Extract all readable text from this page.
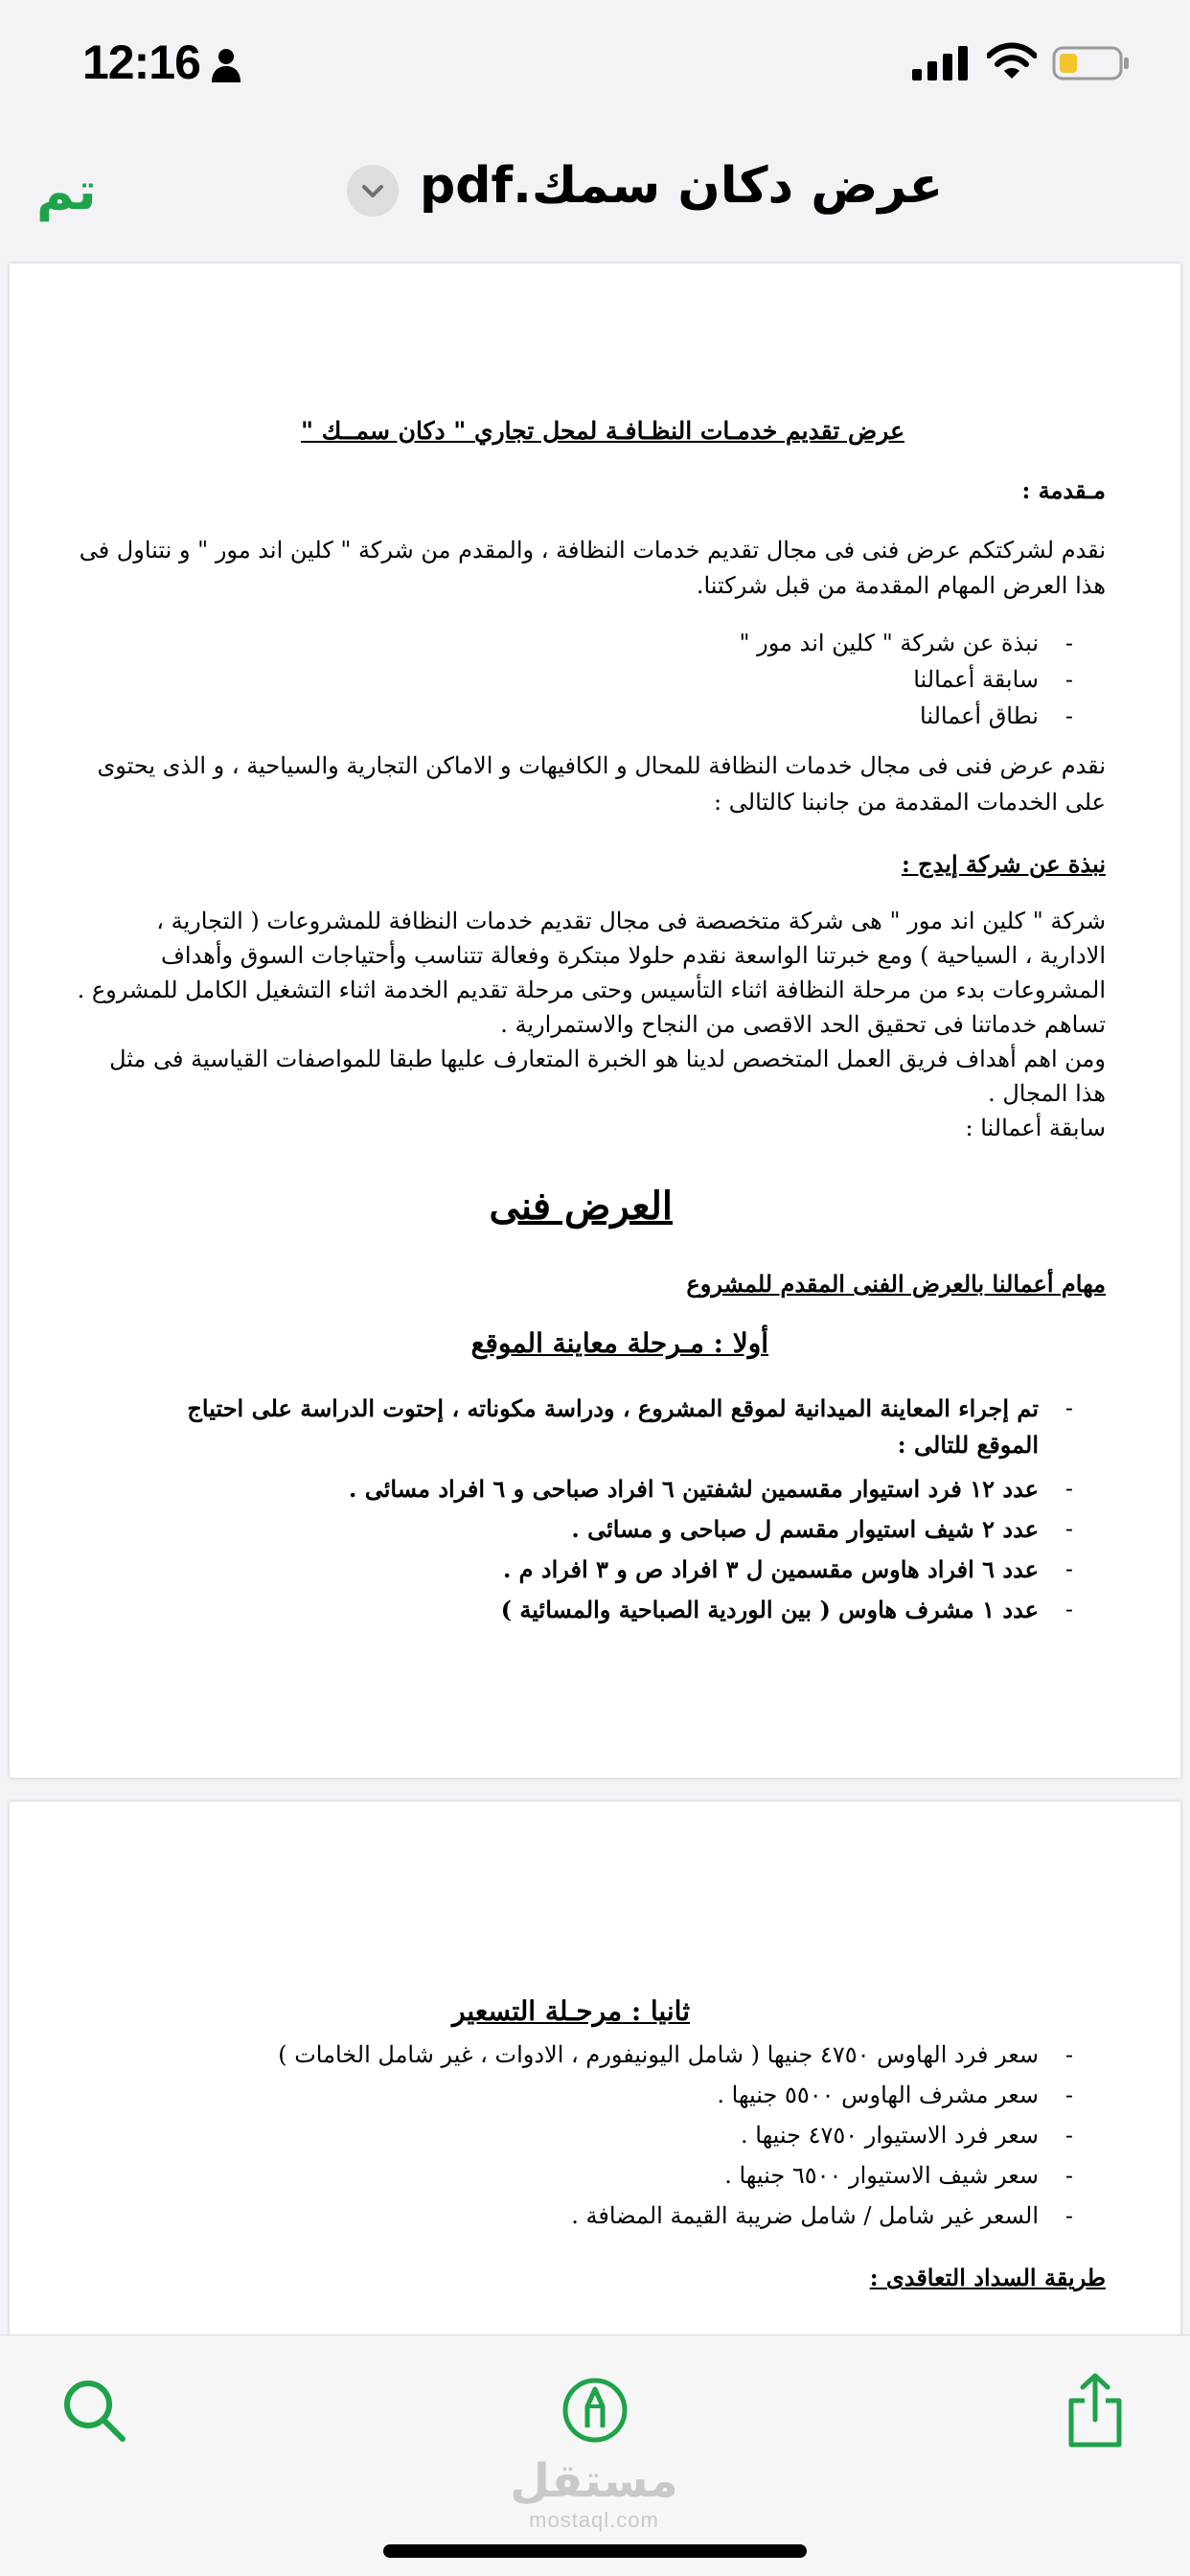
12:16
تم	عرض دكان سمك.pdf
عرض تقديم خدمـات النظـافـة لمحل تجاري " دكان سمــك "
مـقدمة :
نقدم لشركتكم عرض فنى فى مجال تقديم خدمات النظافة ، والمقدم من شركة " كلين اند مور " و نتناول فى
هذا العرض المهام المقدمة من قبل شركتنا.
-
نبذة عن شركة " كلين اند مور "
-
سابقة أعمالنا
-
نطاق أعمالنا
نقدم عرض فنى فى مجال خدمات النظافة للمحال و الكافيهات و الاماكن التجارية والسياحية ، و الذى يحتوى
على الخدمات المقدمة من جانبنا كالتالى :
نبذة عن شركة إيدج :
شركة " كلين اند مور " هى شركة متخصصة فى مجال تقديم خدمات النظافة للمشروعات ( التجارية ،
الادارية ، السياحية ) ومع خبرتنا الواسعة نقدم حلولا مبتكرة وفعالة تتناسب وأحتياجات السوق وأهداف
المشروعات بدء من مرحلة النظافة اثناء التأسيس وحتى مرحلة تقديم الخدمة اثناء التشغيل الكامل للمشروع .
تساهم خدماتنا فى تحقيق الحد الاقصى من النجاح والاستمرارية .
ومن اهم أهداف فريق العمل المتخصص لدينا هو الخبرة المتعارف عليها طبقا للمواصفات القياسية فى مثل
هذا المجال .
سابقة أعمالنا :
العرض فنى
مهام أعمالنا بالعرض الفنى المقدم للمشروع
أولا : مـرحلة معاينة الموقع
-
تم إجراء المعاينة الميدانية لموقع المشروع ، ودراسة مكوناته ، إحتوت الدراسة على احتياج
الموقع للتالى :
-
عدد ١٢ فرد استيوار مقسمين لشفتين ٦ افراد صباحى و ٦ افراد مسائى .
-
عدد ٢ شيف استيوار مقسم ل صباحى و مسائى .
-
عدد ٦ افراد هاوس مقسمين ل ٣ افراد ص و ٣ افراد م .
-
عدد ١ مشرف هاوس ( بين الوردية الصباحية والمسائية )
ثانيا : مرحـلة التسعير
-
سعر فرد الهاوس ٤٧٥٠ جنيها ( شامل اليونيفورم ، الادوات ، غير شامل الخامات )
-
سعر مشرف الهاوس ٥٥٠٠ جنيها .
-
سعر فرد الاستيوار ٤٧٥٠ جنيها .
-
سعر شيف الاستيوار ٦٥٠٠ جنيها .
-
السعر غير شامل / شامل ضريبة القيمة المضافة .
طريقة السداد التعاقدى :
مستقل
mostaql.com
